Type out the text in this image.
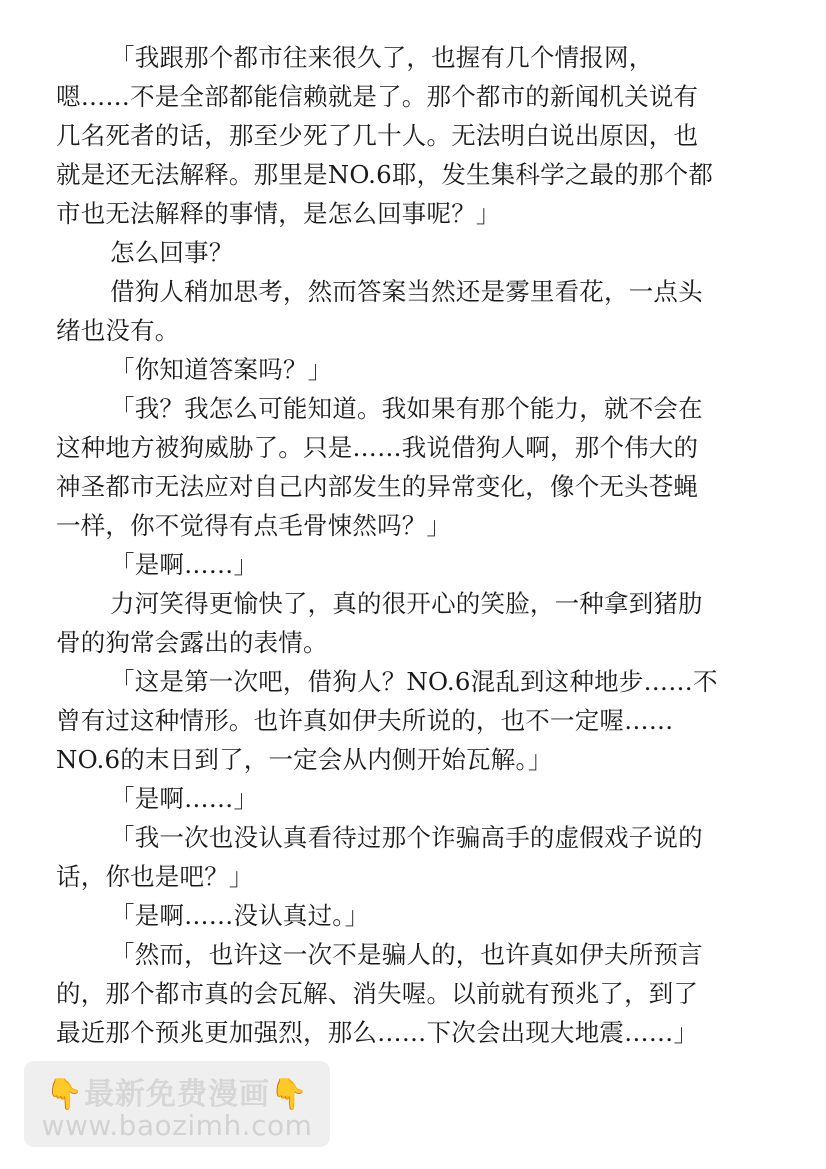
「我跟那个都市往来很久了，也握有几个情报网，
嗯……不是全部都能信赖就是了。那个都市的新闻机关说有
几名死者的话，那至少死了几十人。无法明白说出原因，也
就是还无法解释。那里是NO.6耶，发生集科学之最的那个都
市也无法解释的事情，是怎么回事呢？」
怎么回事？
借狗人稍加思考，然而答案当然还是雾里看花，一点头
绪也没有。
「你知道答案吗？」
「我？我怎么可能知道。我如果有那个能力，就不会在
这种地方被狗威胁了。只是……我说借狗人啊，那个伟大的
神圣都市无法应对自己内部发生的异常变化，像个无头苍蝇
一样，你不觉得有点毛骨悚然吗？」
「是啊……」
力河笑得更愉快了，真的很开心的笑脸，一种拿到猪肋
骨的狗常会露出的表情。
「这是第一次吧，借狗人？NO.6混乱到这种地步……不
曾有过这种情形。也许真如伊夫所说的，也不一定喔……
NO.6的末日到了，一定会从内侧开始瓦解。」
「是啊……」
「我一次也没认真看待过那个诈骗高手的虚假戏子说的
话，你也是吧？」
「是啊……没认真过。」
「然而，也许这一次不是骗人的，也许真如伊夫所预言
的，那个都市真的会瓦解、消失喔。以前就有预兆了，到了
最近那个预兆更加强烈，那么……下次会出现大地震……」
👇最新免费漫画👇
www.baozimh.com
